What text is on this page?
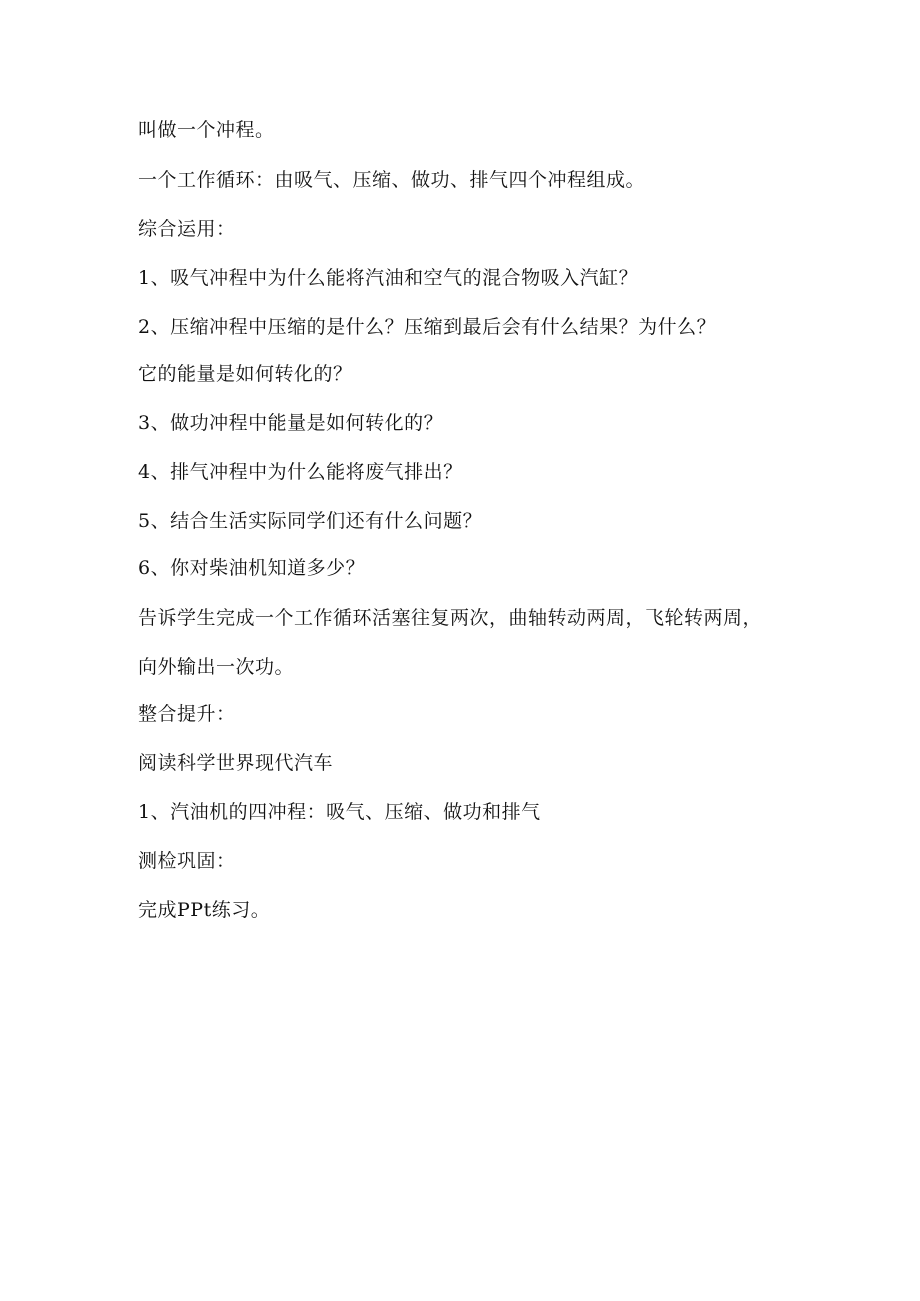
叫做一个冲程。
一个工作循环：由吸气、压缩、做功、排气四个冲程组成。
综合运用：
1、吸气冲程中为什么能将汽油和空气的混合物吸入汽缸？
2、压缩冲程中压缩的是什么？压缩到最后会有什么结果？为什么？
它的能量是如何转化的？
3、做功冲程中能量是如何转化的？
4、排气冲程中为什么能将废气排出？
5、结合生活实际同学们还有什么问题？
6、你对柴油机知道多少？
告诉学生完成一个工作循环活塞往复两次，曲轴转动两周，飞轮转两周，
向外输出一次功。
整合提升：
阅读科学世界现代汽车
1、汽油机的四冲程：吸气、压缩、做功和排气
测检巩固：
完成PPt练习。
